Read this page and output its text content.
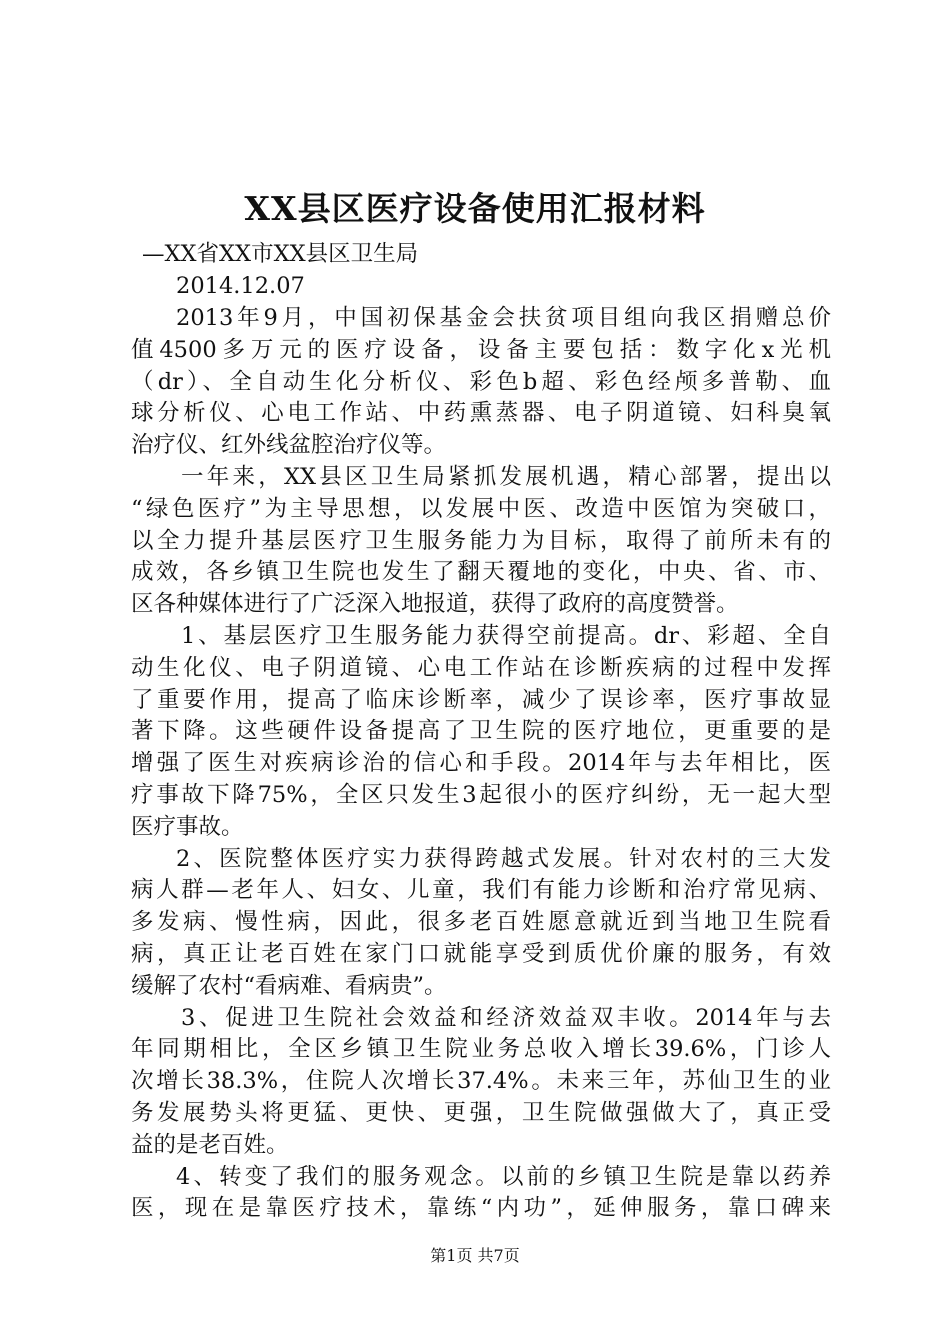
XX县区医疗设备使用汇报材料
—XX省XX市XX县区卫生局
2014.12.07
2013年9月，中国初保基金会扶贫项目组向我区捐赠总价
值4500多万元的医疗设备，设备主要包括：数字化x光机
（dr）、全自动生化分析仪、彩色b超、彩色经颅多普勒、血
球分析仪、心电工作站、中药熏蒸器、电子阴道镜、妇科臭氧
治疗仪、红外线盆腔治疗仪等。
一年来，XX县区卫生局紧抓发展机遇，精心部署，提出以
“绿色医疗”为主导思想，以发展中医、改造中医馆为突破口，
以全力提升基层医疗卫生服务能力为目标，取得了前所未有的
成效，各乡镇卫生院也发生了翻天覆地的变化，中央、省、市、
区各种媒体进行了广泛深入地报道，获得了政府的高度赞誉。
1、基层医疗卫生服务能力获得空前提高。dr、彩超、全自
动生化仪、电子阴道镜、心电工作站在诊断疾病的过程中发挥
了重要作用，提高了临床诊断率，减少了误诊率，医疗事故显
著下降。这些硬件设备提高了卫生院的医疗地位，更重要的是
增强了医生对疾病诊治的信心和手段。2014年与去年相比，医
疗事故下降75%，全区只发生3起很小的医疗纠纷，无一起大型
医疗事故。
2、医院整体医疗实力获得跨越式发展。针对农村的三大发
病人群—老年人、妇女、儿童，我们有能力诊断和治疗常见病、
多发病、慢性病，因此，很多老百姓愿意就近到当地卫生院看
病，真正让老百姓在家门口就能享受到质优价廉的服务，有效
缓解了农村“看病难、看病贵”。
3、促进卫生院社会效益和经济效益双丰收。2014年与去
年同期相比，全区乡镇卫生院业务总收入增长39.6%，门诊人
次增长38.3%，住院人次增长37.4%。未来三年，苏仙卫生的业
务发展势头将更猛、更快、更强，卫生院做强做大了，真正受
益的是老百姓。
4、转变了我们的服务观念。以前的乡镇卫生院是靠以药养
医，现在是靠医疗技术，靠练“内功”，延伸服务，靠口碑来
第1页 共7页
